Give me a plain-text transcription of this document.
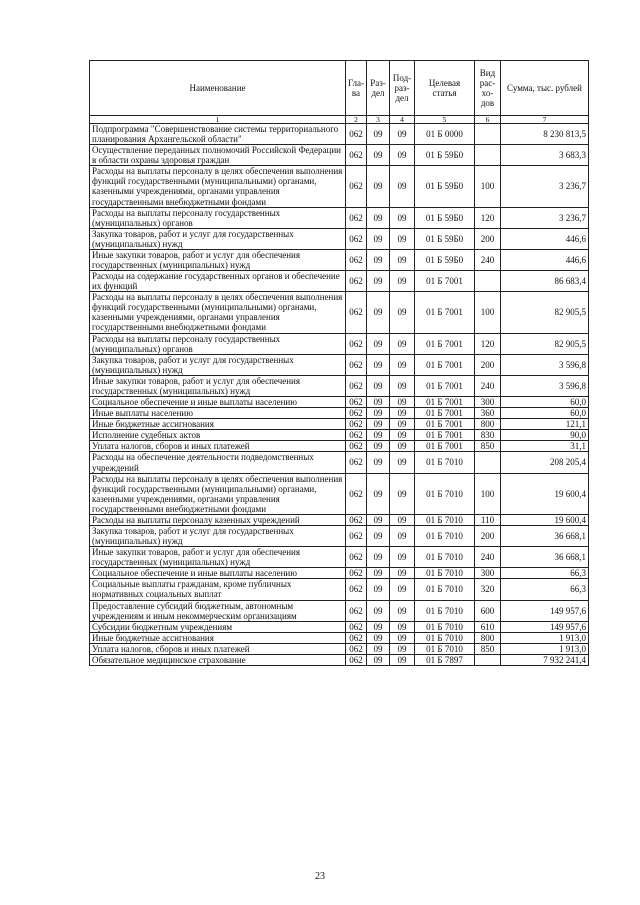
Наименование	Гла-ва	Раз-дел	Под-раз-дел	Целевая статья	Вид рас-хо-дов	Сумма, тыс. рублей
1	2	3	4	5	6	7
Подпрограмма "Совершенствование системы территориального планирования Архангельской области"	062	09	09	01 Б 0000		8 230 813,5
Осуществление переданных полномочий Российской Федерации в области охраны здоровья граждан	062	09	09	01 Б 59Б0		3 683,3
Расходы на выплаты персоналу в целях обеспечения выполнения функций государственными (муниципальными) органами, казенными учреждениями, органами управления государственными внебюджетными фондами	062	09	09	01 Б 59Б0	100	3 236,7
Расходы на выплаты персоналу государственных (муниципальных) органов	062	09	09	01 Б 59Б0	120	3 236,7
Закупка товаров, работ и услуг для государственных (муниципальных) нужд	062	09	09	01 Б 59Б0	200	446,6
Иные закупки товаров, работ и услуг для обеспечения государственных (муниципальных) нужд	062	09	09	01 Б 59Б0	240	446,6
Расходы на содержание государственных органов и обеспечение их функций	062	09	09	01 Б 7001		86 683,4
Расходы на выплаты персоналу в целях обеспечения выполнения функций государственными (муниципальными) органами, казенными учреждениями, органами управления государственными внебюджетными фондами	062	09	09	01 Б 7001	100	82 905,5
Расходы на выплаты персоналу государственных (муниципальных) органов	062	09	09	01 Б 7001	120	82 905,5
Закупка товаров, работ и услуг для государственных (муниципальных) нужд	062	09	09	01 Б 7001	200	3 596,8
Иные закупки товаров, работ и услуг для обеспечения государственных (муниципальных) нужд	062	09	09	01 Б 7001	240	3 596,8
Социальное обеспечение и иные выплаты населению	062	09	09	01 Б 7001	300	60,0
Иные выплаты населению	062	09	09	01 Б 7001	360	60,0
Иные бюджетные ассигнования	062	09	09	01 Б 7001	800	121,1
Исполнение судебных актов	062	09	09	01 Б 7001	830	90,0
Уплата налогов, сборов и иных платежей	062	09	09	01 Б 7001	850	31,1
Расходы на обеспечение деятельности подведомственных учреждений	062	09	09	01 Б 7010		208 205,4
Расходы на выплаты персоналу в целях обеспечения выполнения функций государственными (муниципальными) органами, казенными учреждениями, органами управления государственными внебюджетными фондами	062	09	09	01 Б 7010	100	19 600,4
Расходы на выплаты персоналу казенных учреждений	062	09	09	01 Б 7010	110	19 600,4
Закупка товаров, работ и услуг для государственных (муниципальных) нужд	062	09	09	01 Б 7010	200	36 668,1
Иные закупки товаров, работ и услуг для обеспечения государственных (муниципальных) нужд	062	09	09	01 Б 7010	240	36 668,1
Социальное обеспечение и иные выплаты населению	062	09	09	01 Б 7010	300	66,3
Социальные выплаты гражданам, кроме публичных нормативных социальных выплат	062	09	09	01 Б 7010	320	66,3
Предоставление субсидий бюджетным, автономным учреждениям и иным некоммерческим организациям	062	09	09	01 Б 7010	600	149 957,6
Субсидии бюджетным учреждениям	062	09	09	01 Б 7010	610	149 957,6
Иные бюджетные ассигнования	062	09	09	01 Б 7010	800	1 913,0
Уплата налогов, сборов и иных платежей	062	09	09	01 Б 7010	850	1 913,0
Обязательное медицинское страхование	062	09	09	01 Б 7897		7 932 241,4
23
